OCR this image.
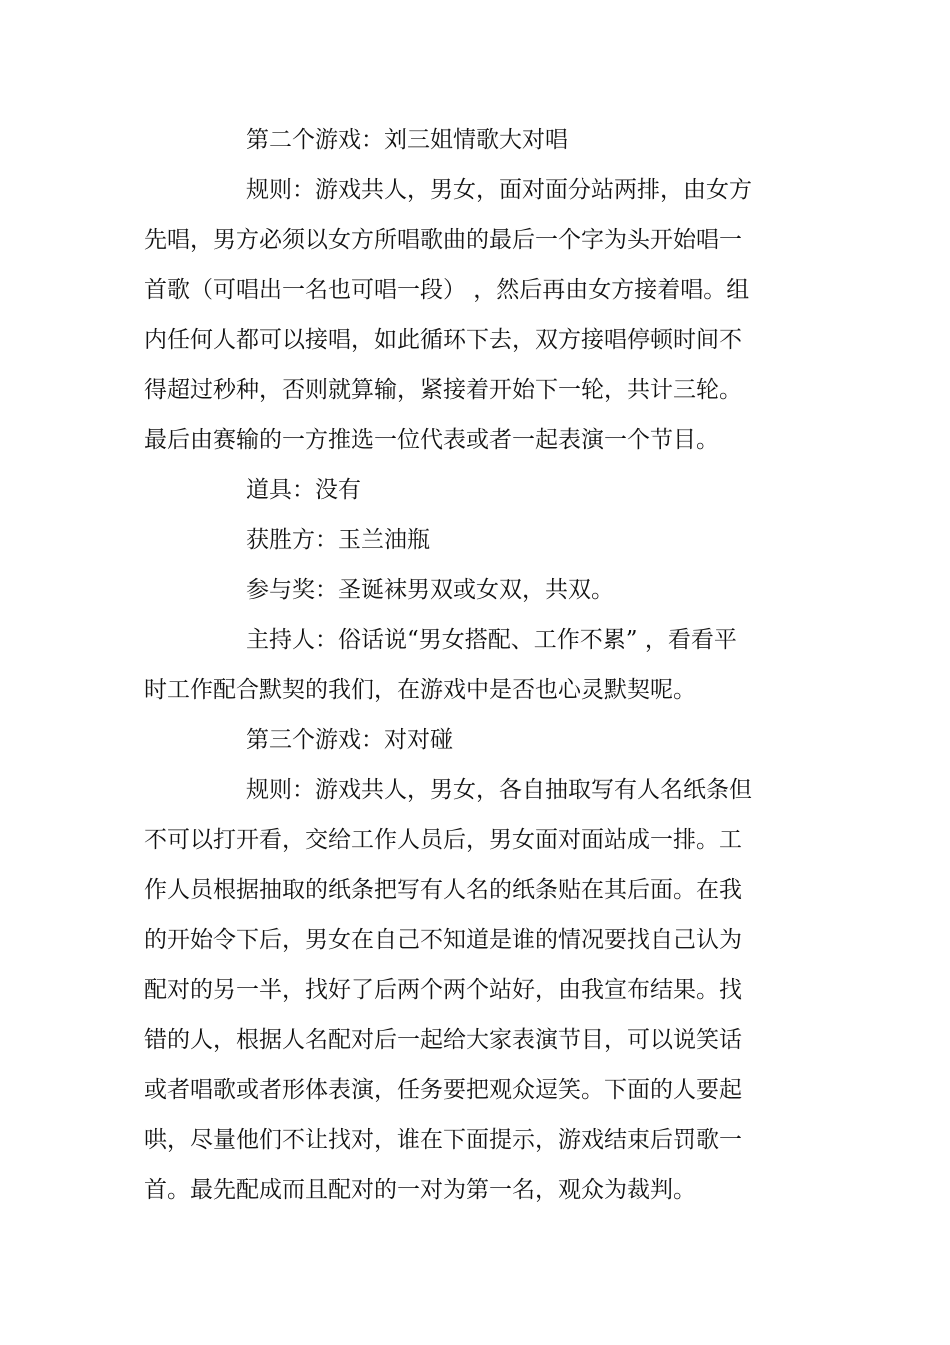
第二个游戏：刘三姐情歌大对唱
规则：游戏共人，男女，面对面分站两排，由女方
先唱，男方必须以女方所唱歌曲的最后一个字为头开始唱一
首歌（可唱出一名也可唱一段） ，然后再由女方接着唱。组
内任何人都可以接唱，如此循环下去，双方接唱停顿时间不
得超过秒种，否则就算输，紧接着开始下一轮，共计三轮。
最后由赛输的一方推选一位代表或者一起表演一个节目。
道具：没有
获胜方：玉兰油瓶
参与奖：圣诞袜男双或女双，共双。
主持人：俗话说“男女搭配、工作不累” ，看看平
时工作配合默契的我们，在游戏中是否也心灵默契呢。
第三个游戏：对对碰
规则：游戏共人，男女，各自抽取写有人名纸条但
不可以打开看，交给工作人员后，男女面对面站成一排。工
作人员根据抽取的纸条把写有人名的纸条贴在其后面。在我
的开始令下后，男女在自己不知道是谁的情况要找自己认为
配对的另一半，找好了后两个两个站好，由我宣布结果。找
错的人，根据人名配对后一起给大家表演节目，可以说笑话
或者唱歌或者形体表演，任务要把观众逗笑。下面的人要起
哄，尽量他们不让找对，谁在下面提示，游戏结束后罚歌一
首。最先配成而且配对的一对为第一名，观众为裁判。
